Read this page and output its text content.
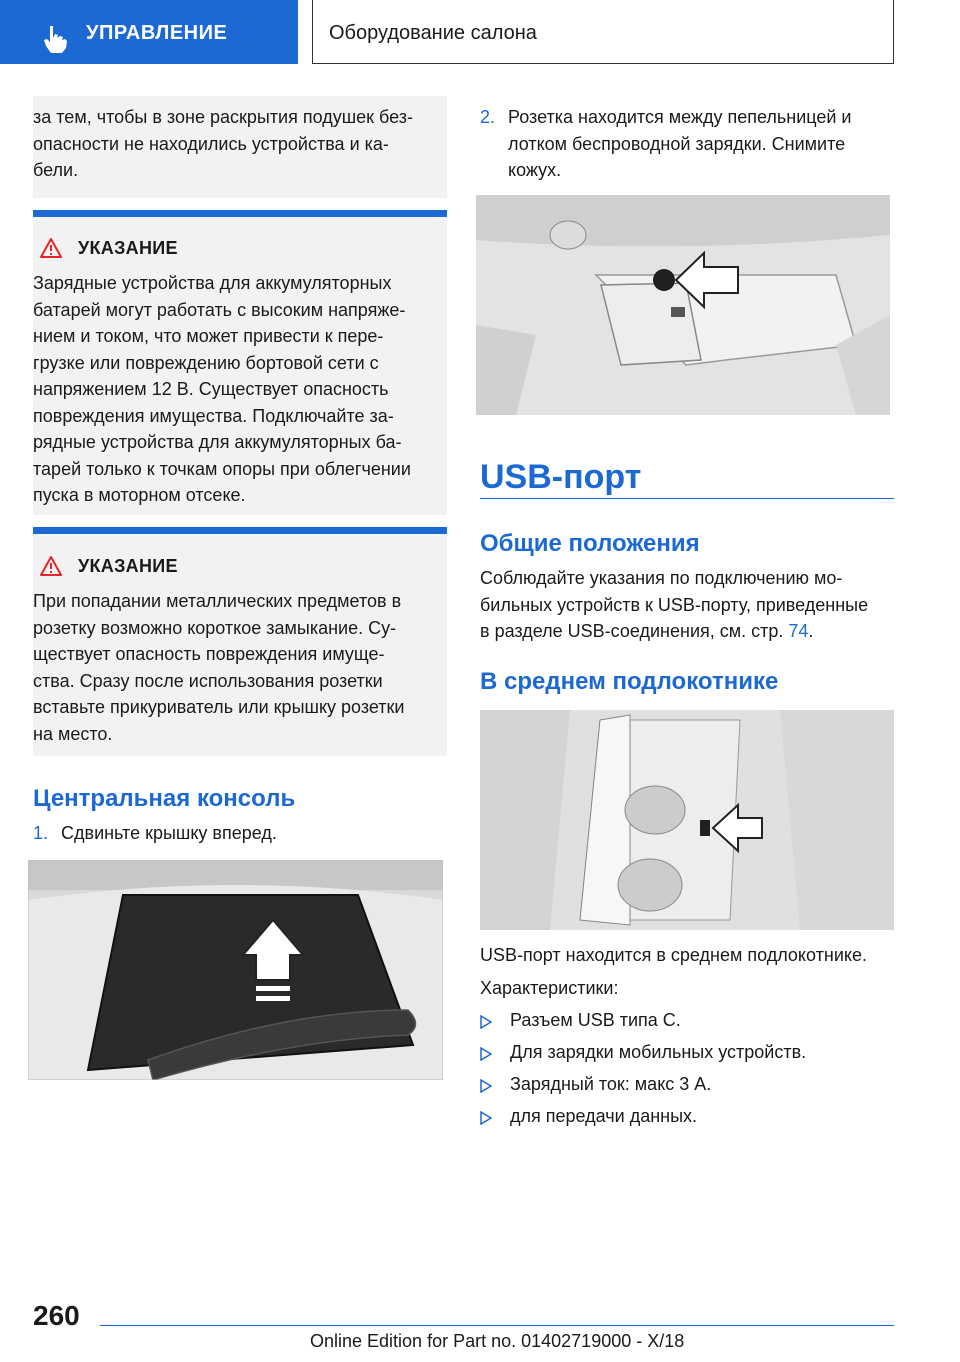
УПРАВЛЕНИЕ	Оборудование салона
за тем, чтобы в зоне раскрытия подушек без-
опасности не находились устройства и ка-
бели.
УКАЗАНИЕ
Зарядные устройства для аккумуляторных
батарей могут работать с высоким напряже-
нием и током, что может привести к пере-
грузке или повреждению бортовой сети с
напряжением 12 В. Существует опасность
повреждения имущества. Подключайте за-
рядные устройства для аккумуляторных ба-
тарей только к точкам опоры при облегчении
пуска в моторном отсеке.
УКАЗАНИЕ
При попадании металлических предметов в
розетку возможно короткое замыкание. Су-
ществует опасность повреждения имуще-
ства. Сразу после использования розетки
вставьте прикуриватель или крышку розетки
на место.
Центральная консоль
1. Сдвиньте крышку вперед.
2. Розетка находится между пепельницей и
лотком беспроводной зарядки. Снимите
кожух.
USB-порт
Общие положения
Соблюдайте указания по подключению мо-
бильных устройств к USB-порту, приведенные
в разделе USB-соединения, см. стр. 74.
В среднем подлокотнике
USB-порт находится в среднем подлокотнике.
Характеристики:
Разъем USB типа C.
Для зарядки мобильных устройств.
Зарядный ток: макс 3 А.
для передачи данных.
260
Online Edition for Part no. 01402719000 - X/18
